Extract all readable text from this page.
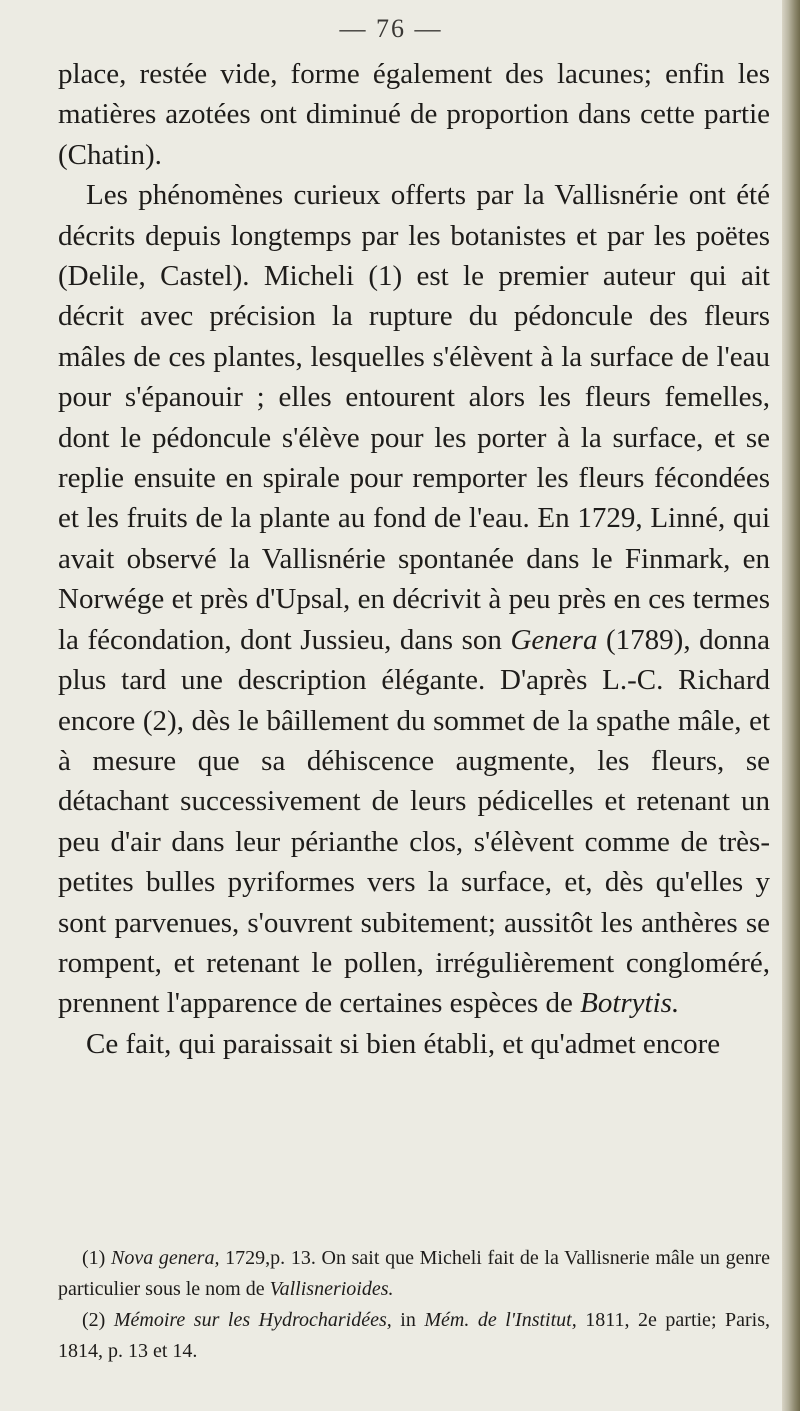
— 76 —

place, restée vide, forme également des lacunes; enfin les matières azotées ont diminué de proportion dans cette partie (Chatin).

Les phénomènes curieux offerts par la Vallisnérie ont été décrits depuis longtemps par les botanistes et par les poëtes (Delile, Castel). Micheli (1) est le premier auteur qui ait décrit avec précision la rupture du pédoncule des fleurs mâles de ces plantes, lesquelles s'élèvent à la surface de l'eau pour s'épanouir ; elles entourent alors les fleurs femelles, dont le pédoncule s'élève pour les porter à la surface, et se replie ensuite en spirale pour remporter les fleurs fécondées et les fruits de la plante au fond de l'eau. En 1729, Linné, qui avait observé la Vallisnérie spontanée dans le Finmark, en Norwége et près d'Upsal, en décrivit à peu près en ces termes la fécondation, dont Jussieu, dans son Genera (1789), donna plus tard une description élégante. D'après L.-C. Richard encore (2), dès le bâillement du sommet de la spathe mâle, et à mesure que sa déhiscence augmente, les fleurs, se détachant successivement de leurs pédicelles et retenant un peu d'air dans leur périanthe clos, s'élèvent comme de très-petites bulles pyriformes vers la surface, et, dès qu'elles y sont parvenues, s'ouvrent subitement; aussitôt les anthères se rompent, et retenant le pollen, irrégulièrement congloméré, prennent l'apparence de certaines espèces de Botrytis.

Ce fait, qui paraissait si bien établi, et qu'admet encore

(1) Nova genera, 1729,p. 13. On sait que Micheli fait de la Vallisnerie mâle un genre particulier sous le nom de Vallisnerioides.

(2) Mémoire sur les Hydrocharidées, in Mém. de l'Institut, 1811, 2e partie; Paris, 1814, p. 13 et 14.
